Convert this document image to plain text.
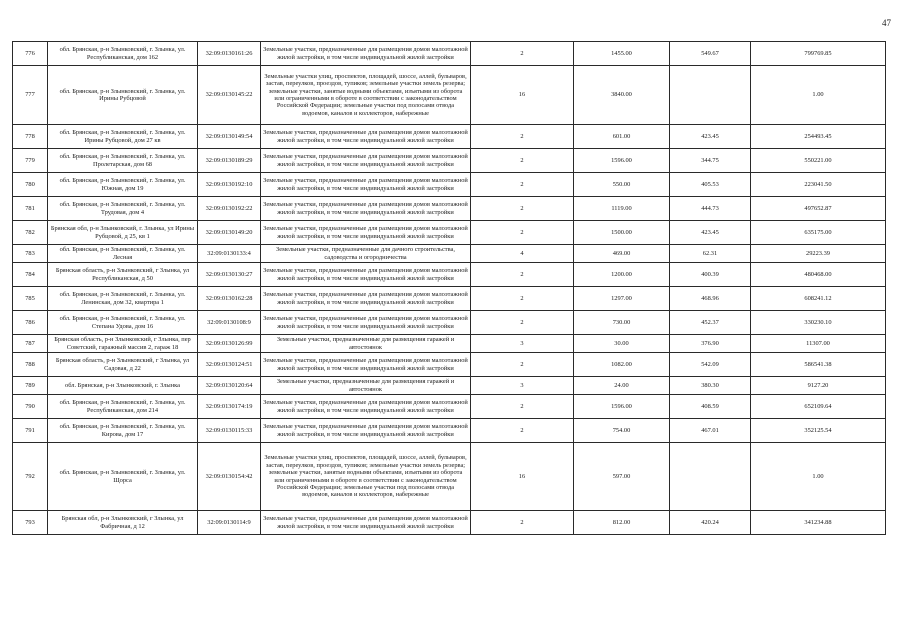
47
776	обл. Брянская, р-н Злынковский, г. Злынка, ул. Республиканская, дом 162	32:09:0130161:26	Земельные участки, предназначенные для размещения домов малоэтажной жилой застройки, в том числе индивидуальной жилой застройки	2	1455.00	549.67	799769.85
777	обл. Брянская, р-н Злынковский, г. Злынка, ул. Ирины Рубцовой	32:09:0130145:22	Земельные участки улиц, проспектов, площадей, шоссе, аллей, бульваров, застав, переулков, проездов, тупиков; земельные участки земель резерва; земельные участки, занятые водными объектами, изъятыми из оборота или ограниченными в обороте в соответствии с законодательством Российской Федерации; земельные участки под полосами отвода водоемов, каналов и коллекторов, набережные	16	3840.00		1.00
778	обл. Брянская, р-н Злынковский, г. Злынка, ул. Ирины Рубцовой, дом 27 кв	32:09:0130149:54	Земельные участки, предназначенные для размещения домов малоэтажной жилой застройки, в том числе индивидуальной жилой застройки	2	601.00	423.45	254493.45
779	обл. Брянская, р-н Злынковский, г. Злынка, ул. Пролетарская, дом 68	32:09:0130189:29	Земельные участки, предназначенные для размещения домов малоэтажной жилой застройки, в том числе индивидуальной жилой застройки	2	1596.00	344.75	550221.00
780	обл. Брянская, р-н Злынковский, г. Злынка, ул. Южная, дом 19	32:09:0130192:10	Земельные участки, предназначенные для размещения домов малоэтажной жилой застройки, в том числе индивидуальной жилой застройки	2	550.00	405.53	223041.50
781	обл. Брянская, р-н Злынковский, г. Злынка, ул. Трудовая, дом 4	32:09:0130192:22	Земельные участки, предназначенные для размещения домов малоэтажной жилой застройки, в том числе индивидуальной жилой застройки	2	1119.00	444.73	497652.87
782	Брянская обл, р-н Злынковский, г. Злынка, ул Ирины Рубцовой, д 25, кв 1	32:09:0130149:20	Земельные участки, предназначенные для размещения домов малоэтажной жилой застройки, в том числе индивидуальной жилой застройки	2	1500.00	423.45	635175.00
783	обл. Брянская, р-н Злынковский, г. Злынка, ул. Лесная	32:09:0130133:4	Земельные участки, предназначенные для дачного строительства, садоводства и огородничества	4	469.00	62.31	29223.39
784	Брянская область, р-н Злынковский, г Злынка, ул Республиканская, д 50	32:09:0130130:27	Земельные участки, предназначенные для размещения домов малоэтажной жилой застройки, в том числе индивидуальной жилой застройки	2	1200.00	400.39	480468.00
785	обл. Брянская, р-н Злынковский, г. Злынка, ул. Ленинская, дом 32, квартира 1	32:09:0130162:28	Земельные участки, предназначенные для размещения домов малоэтажной жилой застройки, в том числе индивидуальной жилой застройки	2	1297.00	468.96	608241.12
786	обл. Брянская, р-н Злынковский, г. Злынка, ул. Степана Удова, дом 16	32:09:0130108:9	Земельные участки, предназначенные для размещения домов малоэтажной жилой застройки, в том числе индивидуальной жилой застройки	2	730.00	452.37	330230.10
787	Брянская область, р-н Злынковский, г Злынка, пер Советский, гаражный массив 2, гараж 18	32:09:0130126:99	Земельные участки, предназначенные для размещения гаражей и автостоянок	3	30.00	376.90	11307.00
788	Брянская область, р-н Злынковский, г Злынка, ул Садовая, д 22	32:09:0130124:51	Земельные участки, предназначенные для размещения домов малоэтажной жилой застройки, в том числе индивидуальной жилой застройки	2	1082.00	542.09	586541.38
789	обл. Брянская, р-н Злынковский, г. Злынка	32:09:0130120:64	Земельные участки, предназначенные для размещения гаражей и автостоянок	3	24.00	380.30	9127.20
790	обл. Брянская, р-н Злынковский, г. Злынка, ул. Республиканская, дом 214	32:09:0130174:19	Земельные участки, предназначенные для размещения домов малоэтажной жилой застройки, в том числе индивидуальной жилой застройки	2	1596.00	408.59	652109.64
791	обл. Брянская, р-н Злынковский, г. Злынка, ул. Кирова, дом 17	32:09:0130115:33	Земельные участки, предназначенные для размещения домов малоэтажной жилой застройки, в том числе индивидуальной жилой застройки	2	754.00	467.01	352125.54
792	обл. Брянская, р-н Злынковский, г. Злынка, ул. Щорса	32:09:0130154:42	Земельные участки улиц, проспектов, площадей, шоссе, аллей, бульваров, застав, переулков, проездов, тупиков; земельные участки земель резерва; земельные участки, занятые водными объектами, изъятыми из оборота или ограниченными в обороте в соответствии с законодательством Российской Федерации; земельные участки под полосами отвода водоемов, каналов и коллекторов, набережные	16	597.00		1.00
793	Брянская обл, р-н Злынковский, г Злынка, ул Фабричная, д 12	32:09:0130114:9	Земельные участки, предназначенные для размещения домов малоэтажной жилой застройки, в том числе индивидуальной жилой застройки	2	812.00	420.24	341234.88
